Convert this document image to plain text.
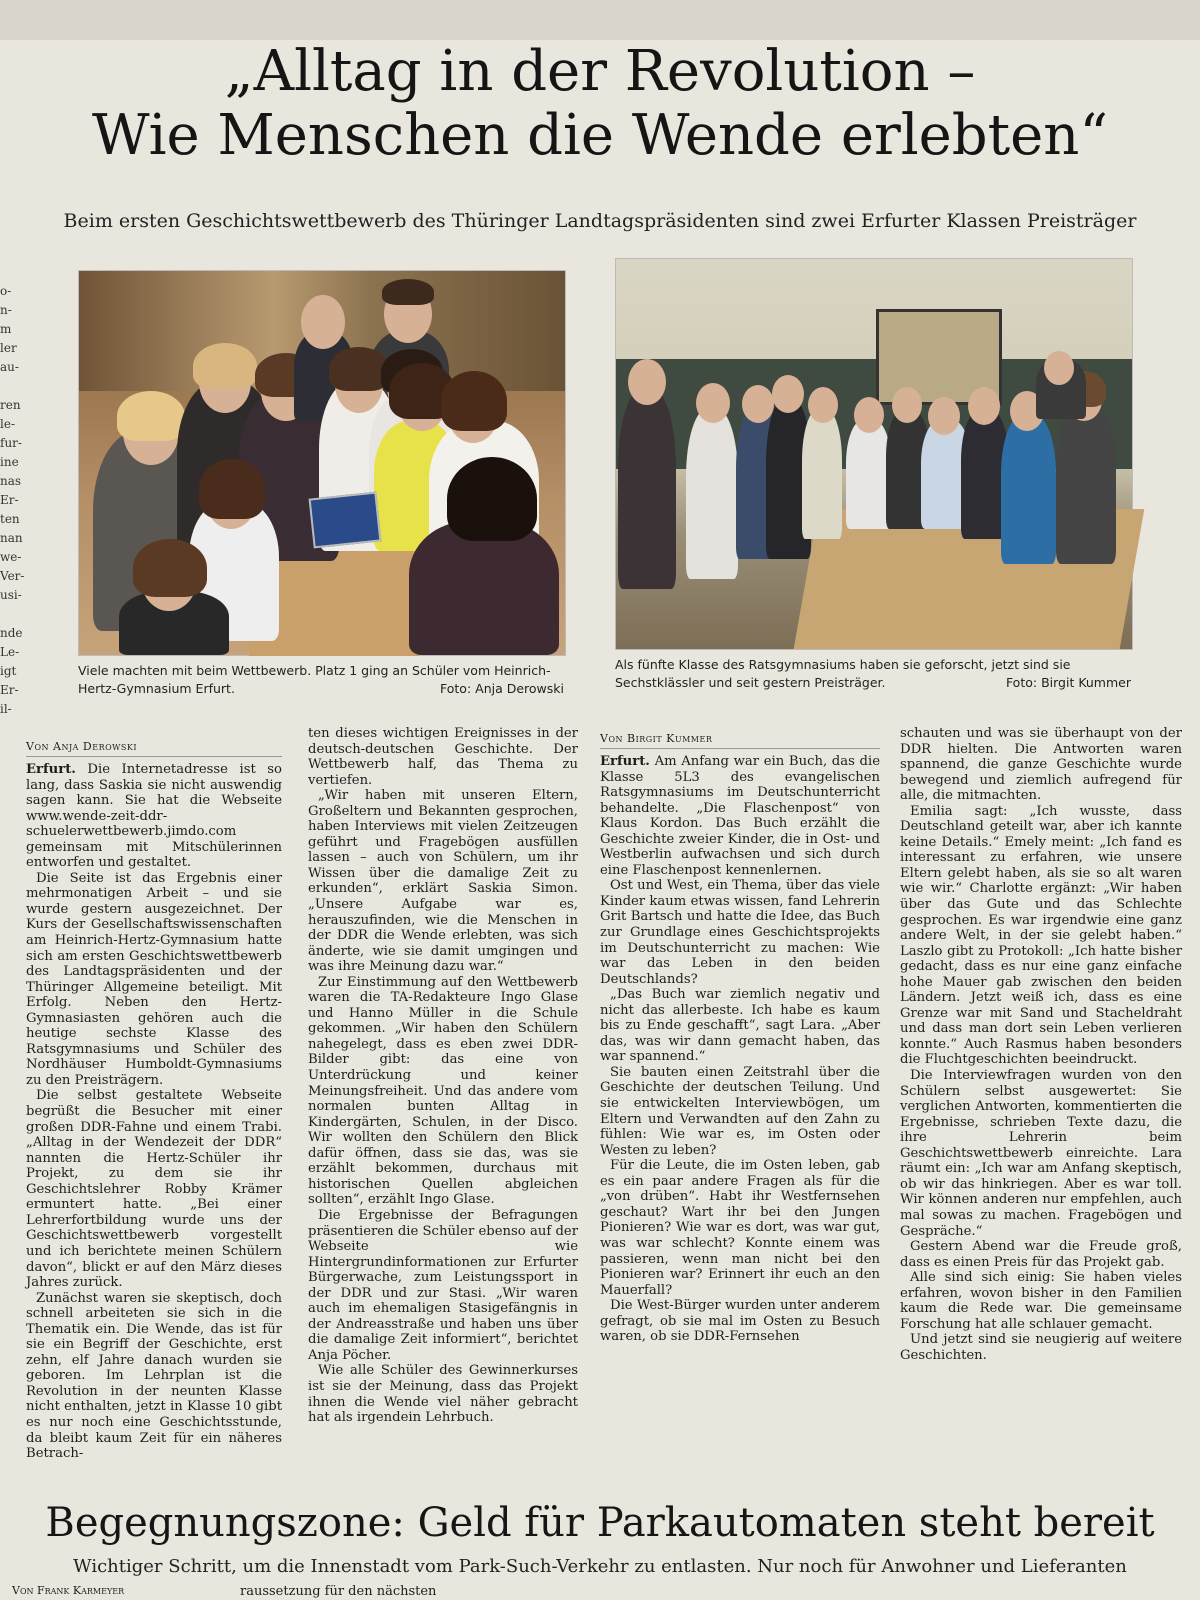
„Alltag in der Revolution –
Wie Menschen die Wende erlebten“
Beim ersten Geschichtswettbewerb des Thüringer Landtagspräsidenten sind zwei Erfurter Klassen Preisträger
o-
n-
m
ler
au-

ren
le-
fur-
ine
nas
Er-
ten
nan
we-
Ver-
usi-

nde
Le-
igt
Er-
il-
Viele machten mit beim Wettbewerb. Platz 1 ging an Schüler vom Heinrich-
Hertz-Gymnasium Erfurt.	Foto: Anja Derowski
Als fünfte Klasse des Ratsgymnasiums haben sie geforscht, jetzt sind sie
Sechstklässler und seit gestern Preisträger.	Foto: Birgit Kummer
Von Anja Derowski

Erfurt. Die Internetadresse ist so lang, dass Saskia sie nicht auswendig sagen kann. Sie hat die Webseite www.wende-zeit-ddr-schuelerwettbewerb.jimdo.com gemeinsam mit Mitschülerinnen entworfen und gestaltet.

Die Seite ist das Ergebnis einer mehrmonatigen Arbeit – und sie wurde gestern ausgezeichnet. Der Kurs der Gesellschaftswissenschaften am Heinrich-Hertz-Gymnasium hatte sich am ersten Geschichtswettbewerb des Landtagspräsidenten und der Thüringer Allgemeine beteiligt. Mit Erfolg. Neben den Hertz-Gymnasiasten gehören auch die heutige sechste Klasse des Ratsgymnasiums und Schüler des Nordhäuser Humboldt-Gymnasiums zu den Preisträgern.

Die selbst gestaltete Webseite begrüßt die Besucher mit einer großen DDR-Fahne und einem Trabi. „Alltag in der Wendezeit der DDR“ nannten die Hertz-Schüler ihr Projekt, zu dem sie ihr Geschichtslehrer Robby Krämer ermuntert hatte. „Bei einer Lehrerfortbildung wurde uns der Geschichtswettbewerb vorgestellt und ich berichtete meinen Schülern davon“, blickt er auf den März dieses Jahres zurück.

Zunächst waren sie skeptisch, doch schnell arbeiteten sie sich in die Thematik ein. Die Wende, das ist für sie ein Begriff der Geschichte, erst zehn, elf Jahre danach wurden sie geboren. Im Lehrplan ist die Revolution in der neunten Klasse nicht enthalten, jetzt in Klasse 10 gibt es nur noch eine Geschichtsstunde, da bleibt kaum Zeit für ein näheres Betrach-

ten dieses wichtigen Ereignisses in der deutsch-deutschen Geschichte. Der Wettbewerb half, das Thema zu vertiefen.

„Wir haben mit unseren Eltern, Großeltern und Bekannten gesprochen, haben Interviews mit vielen Zeitzeugen geführt und Fragebögen ausfüllen lassen – auch von Schülern, um ihr Wissen über die damalige Zeit zu erkunden“, erklärt Saskia Simon. „Unsere Aufgabe war es, herauszufinden, wie die Menschen in der DDR die Wende erlebten, was sich änderte, wie sie damit umgingen und was ihre Meinung dazu war.“

Zur Einstimmung auf den Wettbewerb waren die TA-Redakteure Ingo Glase und Hanno Müller in die Schule gekommen. „Wir haben den Schülern nahegelegt, dass es eben zwei DDR-Bilder gibt: das eine von Unterdrückung und keiner Meinungsfreiheit. Und das andere vom normalen bunten Alltag in Kindergärten, Schulen, in der Disco. Wir wollten den Schülern den Blick dafür öffnen, dass sie das, was sie erzählt bekommen, durchaus mit historischen Quellen abgleichen sollten“, erzählt Ingo Glase.

Die Ergebnisse der Befragungen präsentieren die Schüler ebenso auf der Webseite wie Hintergrundinformationen zur Erfurter Bürgerwache, zum Leistungssport in der DDR und zur Stasi. „Wir waren auch im ehemaligen Stasigefängnis in der Andreasstraße und haben uns über die damalige Zeit informiert“, berichtet Anja Pöcher.

Wie alle Schüler des Gewinnerkurses ist sie der Meinung, dass das Projekt ihnen die Wende viel näher gebracht hat als irgendein Lehrbuch.

Von Birgit Kummer

Erfurt. Am Anfang war ein Buch, das die Klasse 5L3 des evangelischen Ratsgymnasiums im Deutschunterricht behandelte. „Die Flaschenpost“ von Klaus Kordon. Das Buch erzählt die Geschichte zweier Kinder, die in Ost- und Westberlin aufwachsen und sich durch eine Flaschenpost kennenlernen.

Ost und West, ein Thema, über das viele Kinder kaum etwas wissen, fand Lehrerin Grit Bartsch und hatte die Idee, das Buch zur Grundlage eines Geschichtsprojekts im Deutschunterricht zu machen: Wie war das Leben in den beiden Deutschlands?

„Das Buch war ziemlich negativ und nicht das allerbeste. Ich habe es kaum bis zu Ende geschafft“, sagt Lara. „Aber das, was wir dann gemacht haben, das war spannend.“

Sie bauten einen Zeitstrahl über die Geschichte der deutschen Teilung. Und sie entwickelten Interviewbögen, um Eltern und Verwandten auf den Zahn zu fühlen: Wie war es, im Osten oder Westen zu leben?

Für die Leute, die im Osten leben, gab es ein paar andere Fragen als für die „von drüben“. Habt ihr Westfernsehen geschaut? Wart ihr bei den Jungen Pionieren? Wie war es dort, was war gut, was war schlecht? Konnte einem was passieren, wenn man nicht bei den Pionieren war? Erinnert ihr euch an den Mauerfall?

Die West-Bürger wurden unter anderem gefragt, ob sie mal im Osten zu Besuch waren, ob sie DDR-Fernsehen

schauten und was sie überhaupt von der DDR hielten. Die Antworten waren spannend, die ganze Geschichte wurde bewegend und ziemlich aufregend für alle, die mitmachten.

Emilia sagt: „Ich wusste, dass Deutschland geteilt war, aber ich kannte keine Details.“ Emely meint: „Ich fand es interessant zu erfahren, wie unsere Eltern gelebt haben, als sie so alt waren wie wir.“ Charlotte ergänzt: „Wir haben über das Gute und das Schlechte gesprochen. Es war irgendwie eine ganz andere Welt, in der sie gelebt haben.“ Laszlo gibt zu Protokoll: „Ich hatte bisher gedacht, dass es nur eine ganz einfache hohe Mauer gab zwischen den beiden Ländern. Jetzt weiß ich, dass es eine Grenze war mit Sand und Stacheldraht und dass man dort sein Leben verlieren konnte.“ Auch Rasmus haben besonders die Fluchtgeschichten beeindruckt.

Die Interviewfragen wurden von den Schülern selbst ausgewertet: Sie verglichen Antworten, kommentierten die Ergebnisse, schrieben Texte dazu, die ihre Lehrerin beim Geschichtswettbewerb einreichte. Lara räumt ein: „Ich war am Anfang skeptisch, ob wir das hinkriegen. Aber es war toll. Wir können anderen nur empfehlen, auch mal sowas zu machen. Fragebögen und Gespräche.“

Gestern Abend war die Freude groß, dass es einen Preis für das Projekt gab.

Alle sind sich einig: Sie haben vieles erfahren, wovon bisher in den Familien kaum die Rede war. Die gemeinsame Forschung hat alle schlauer gemacht.

Und jetzt sind sie neugierig auf weitere Geschichten.

Begegnungszone: Geld für Parkautomaten steht bereit
Wichtiger Schritt, um die Innenstadt vom Park-Such-Verkehr zu entlasten. Nur noch für Anwohner und Lieferanten
Von Frank Karmeyer	raussetzung für den nächsten
